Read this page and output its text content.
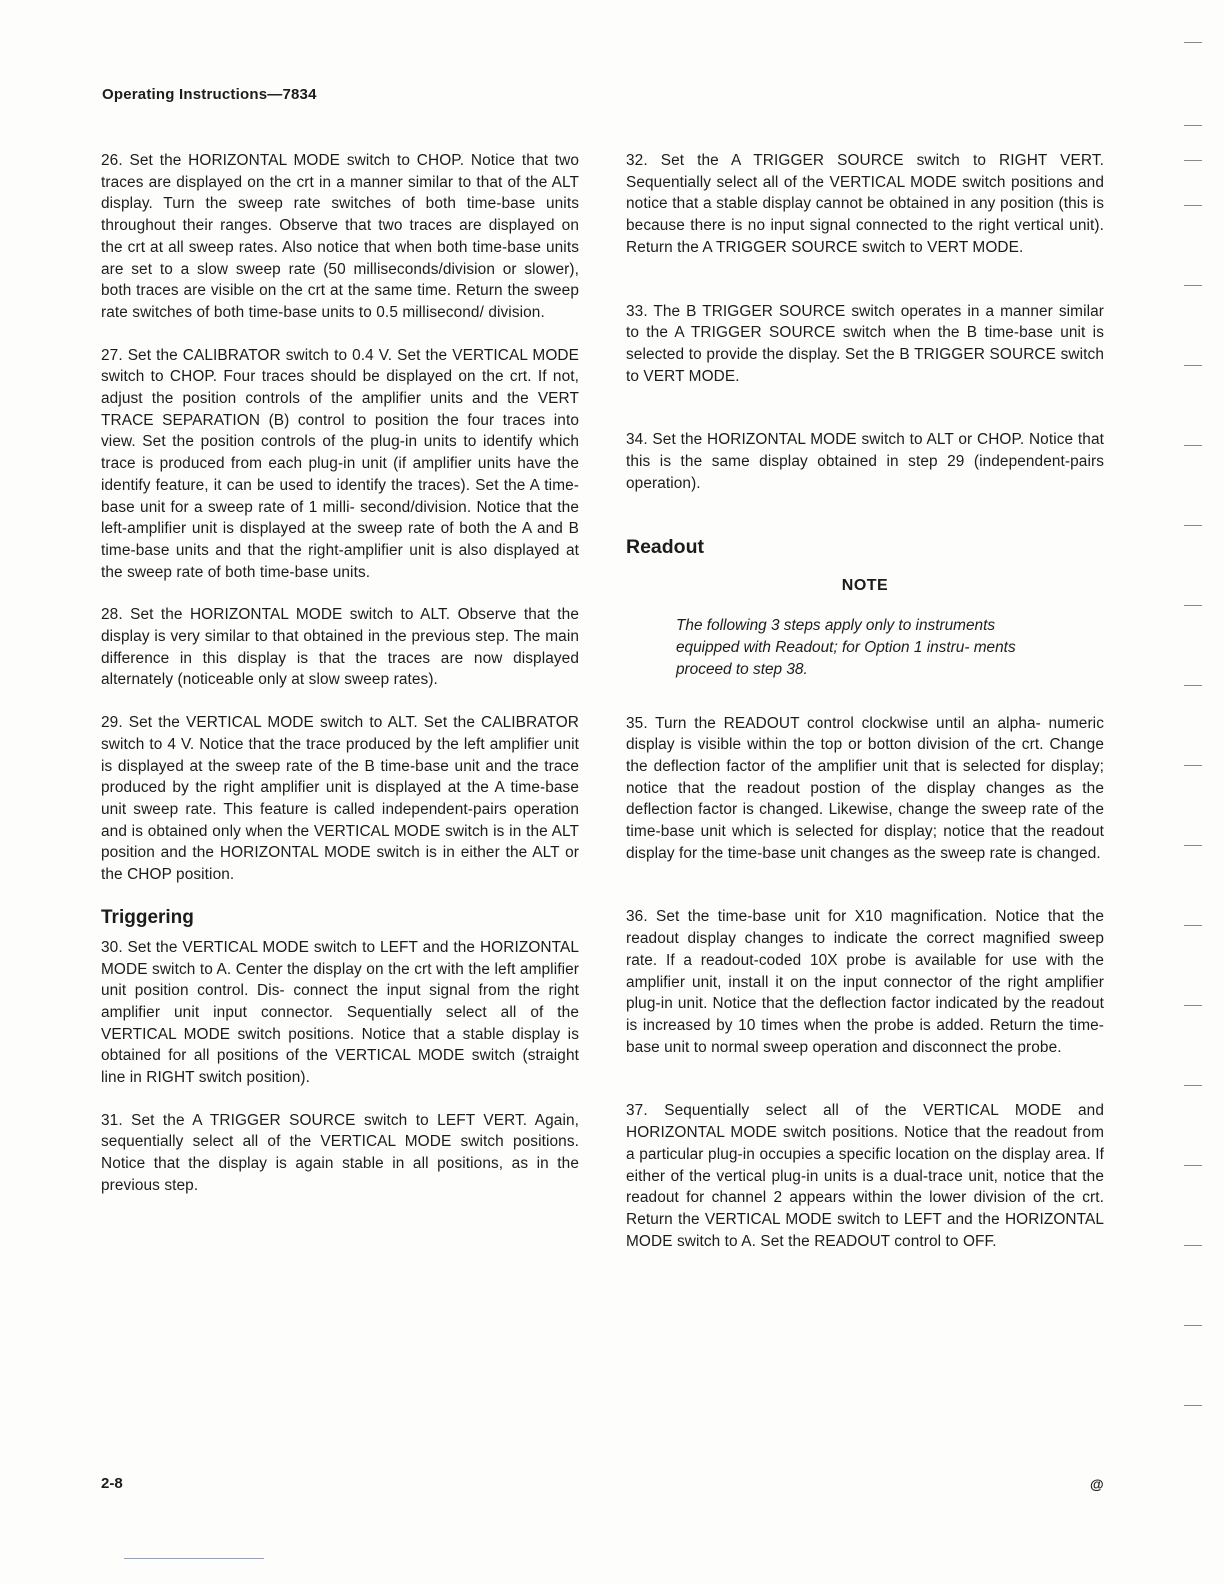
Operating Instructions—7834

26. Set the HORIZONTAL MODE switch to CHOP. Notice that two traces are displayed on the crt in a manner similar to that of the ALT display. Turn the sweep rate switches of both time-base units throughout their ranges. Observe that two traces are displayed on the crt at all sweep rates. Also notice that when both time-base units are set to a slow sweep rate (50 milliseconds/division or slower), both traces are visible on the crt at the same time. Return the sweep rate switches of both time-base units to 0.5 millisecond/ division.

27. Set the CALIBRATOR switch to 0.4 V. Set the VERTICAL MODE switch to CHOP. Four traces should be displayed on the crt. If not, adjust the position controls of the amplifier units and the VERT TRACE SEPARATION (B) control to position the four traces into view. Set the position controls of the plug-in units to identify which trace is produced from each plug-in unit (if amplifier units have the identify feature, it can be used to identify the traces). Set the A time-base unit for a sweep rate of 1 milli- second/division. Notice that the left-amplifier unit is displayed at the sweep rate of both the A and B time-base units and that the right-amplifier unit is also displayed at the sweep rate of both time-base units.

28. Set the HORIZONTAL MODE switch to ALT. Observe that the display is very similar to that obtained in the previous step. The main difference in this display is that the traces are now displayed alternately (noticeable only at slow sweep rates).

29. Set the VERTICAL MODE switch to ALT. Set the CALIBRATOR switch to 4 V. Notice that the trace produced by the left amplifier unit is displayed at the sweep rate of the B time-base unit and the trace produced by the right amplifier unit is displayed at the A time-base unit sweep rate. This feature is called independent-pairs operation and is obtained only when the VERTICAL MODE switch is in the ALT position and the HORIZONTAL MODE switch is in either the ALT or the CHOP position.

Triggering

30. Set the VERTICAL MODE switch to LEFT and the HORIZONTAL MODE switch to A. Center the display on the crt with the left amplifier unit position control. Dis- connect the input signal from the right amplifier unit input connector. Sequentially select all of the VERTICAL MODE switch positions. Notice that a stable display is obtained for all positions of the VERTICAL MODE switch (straight line in RIGHT switch position).

31. Set the A TRIGGER SOURCE switch to LEFT VERT. Again, sequentially select all of the VERTICAL MODE switch positions. Notice that the display is again stable in all positions, as in the previous step.

32. Set the A TRIGGER SOURCE switch to RIGHT VERT. Sequentially select all of the VERTICAL MODE switch positions and notice that a stable display cannot be obtained in any position (this is because there is no input signal connected to the right vertical unit). Return the A TRIGGER SOURCE switch to VERT MODE.

33. The B TRIGGER SOURCE switch operates in a manner similar to the A TRIGGER SOURCE switch when the B time-base unit is selected to provide the display. Set the B TRIGGER SOURCE switch to VERT MODE.

34. Set the HORIZONTAL MODE switch to ALT or CHOP. Notice that this is the same display obtained in step 29 (independent-pairs operation).

Readout
NOTE

The following 3 steps apply only to instruments equipped with Readout; for Option 1 instru- ments proceed to step 38.

35. Turn the READOUT control clockwise until an alpha- numeric display is visible within the top or botton division of the crt. Change the deflection factor of the amplifier unit that is selected for display; notice that the readout postion of the display changes as the deflection factor is changed. Likewise, change the sweep rate of the time-base unit which is selected for display; notice that the readout display for the time-base unit changes as the sweep rate is changed.

36. Set the time-base unit for X10 magnification. Notice that the readout display changes to indicate the correct magnified sweep rate. If a readout-coded 10X probe is available for use with the amplifier unit, install it on the input connector of the right amplifier plug-in unit. Notice that the deflection factor indicated by the readout is increased by 10 times when the probe is added. Return the time-base unit to normal sweep operation and disconnect the probe.

37. Sequentially select all of the VERTICAL MODE and HORIZONTAL MODE switch positions. Notice that the readout from a particular plug-in occupies a specific location on the display area. If either of the vertical plug-in units is a dual-trace unit, notice that the readout for channel 2 appears within the lower division of the crt. Return the VERTICAL MODE switch to LEFT and the HORIZONTAL MODE switch to A. Set the READOUT control to OFF.

2-8	@
